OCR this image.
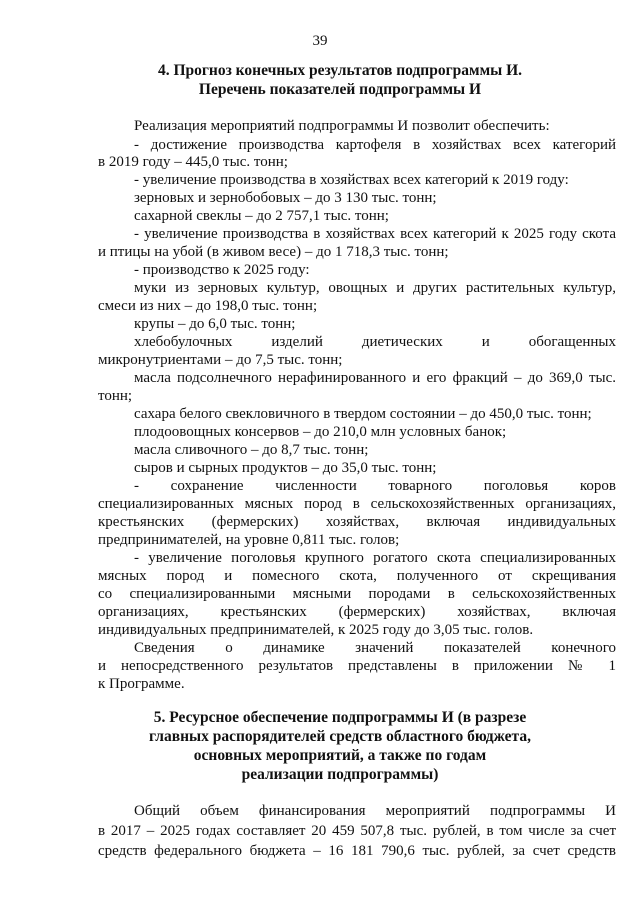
39
4. Прогноз конечных результатов подпрограммы И.
Перечень показателей подпрограммы И
Реализация мероприятий подпрограммы И позволит обеспечить:
- достижение производства картофеля в хозяйствах всех категорий
в 2019 году – 445,0 тыс. тонн;
- увеличение производства в хозяйствах всех категорий к 2019 году:
зерновых и зернобобовых – до 3 130 тыс. тонн;
сахарной свеклы – до 2 757,1 тыс. тонн;
- увеличение производства в хозяйствах всех категорий к 2025 году скота
и птицы на убой (в живом весе) – до 1 718,3 тыс. тонн;
- производство к 2025 году:
муки из зерновых культур, овощных и других растительных культур,
смеси из них – до 198,0 тыс. тонн;
крупы – до 6,0 тыс. тонн;
хлебобулочных изделий диетических и обогащенных
микронутриентами – до 7,5 тыс. тонн;
масла подсолнечного нерафинированного и его фракций – до 369,0 тыс.
тонн;
сахара белого свекловичного в твердом состоянии – до 450,0 тыс. тонн;
плодоовощных консервов – до 210,0 млн условных банок;
масла сливочного – до 8,7 тыс. тонн;
сыров и сырных продуктов – до 35,0 тыс. тонн;
- сохранение численности товарного поголовья коров
специализированных мясных пород в сельскохозяйственных организациях,
крестьянских (фермерских) хозяйствах, включая индивидуальных
предпринимателей, на уровне 0,811 тыс. голов;
- увеличение поголовья крупного рогатого скота специализированных
мясных пород и помесного скота, полученного от скрещивания
со специализированными мясными породами в сельскохозяйственных
организациях, крестьянских (фермерских) хозяйствах, включая
индивидуальных предпринимателей, к 2025 году до 3,05 тыс. голов.
Сведения о динамике значений показателей конечного
и непосредственного результатов представлены в приложении № 1
к Программе.
5. Ресурсное обеспечение подпрограммы И (в разрезе
главных распорядителей средств областного бюджета,
основных мероприятий, а также по годам
реализации подпрограммы)
Общий объем финансирования мероприятий подпрограммы И
в 2017 – 2025 годах составляет 20 459 507,8 тыс. рублей, в том числе за счет
средств федерального бюджета – 16 181 790,6 тыс. рублей, за счет средств
